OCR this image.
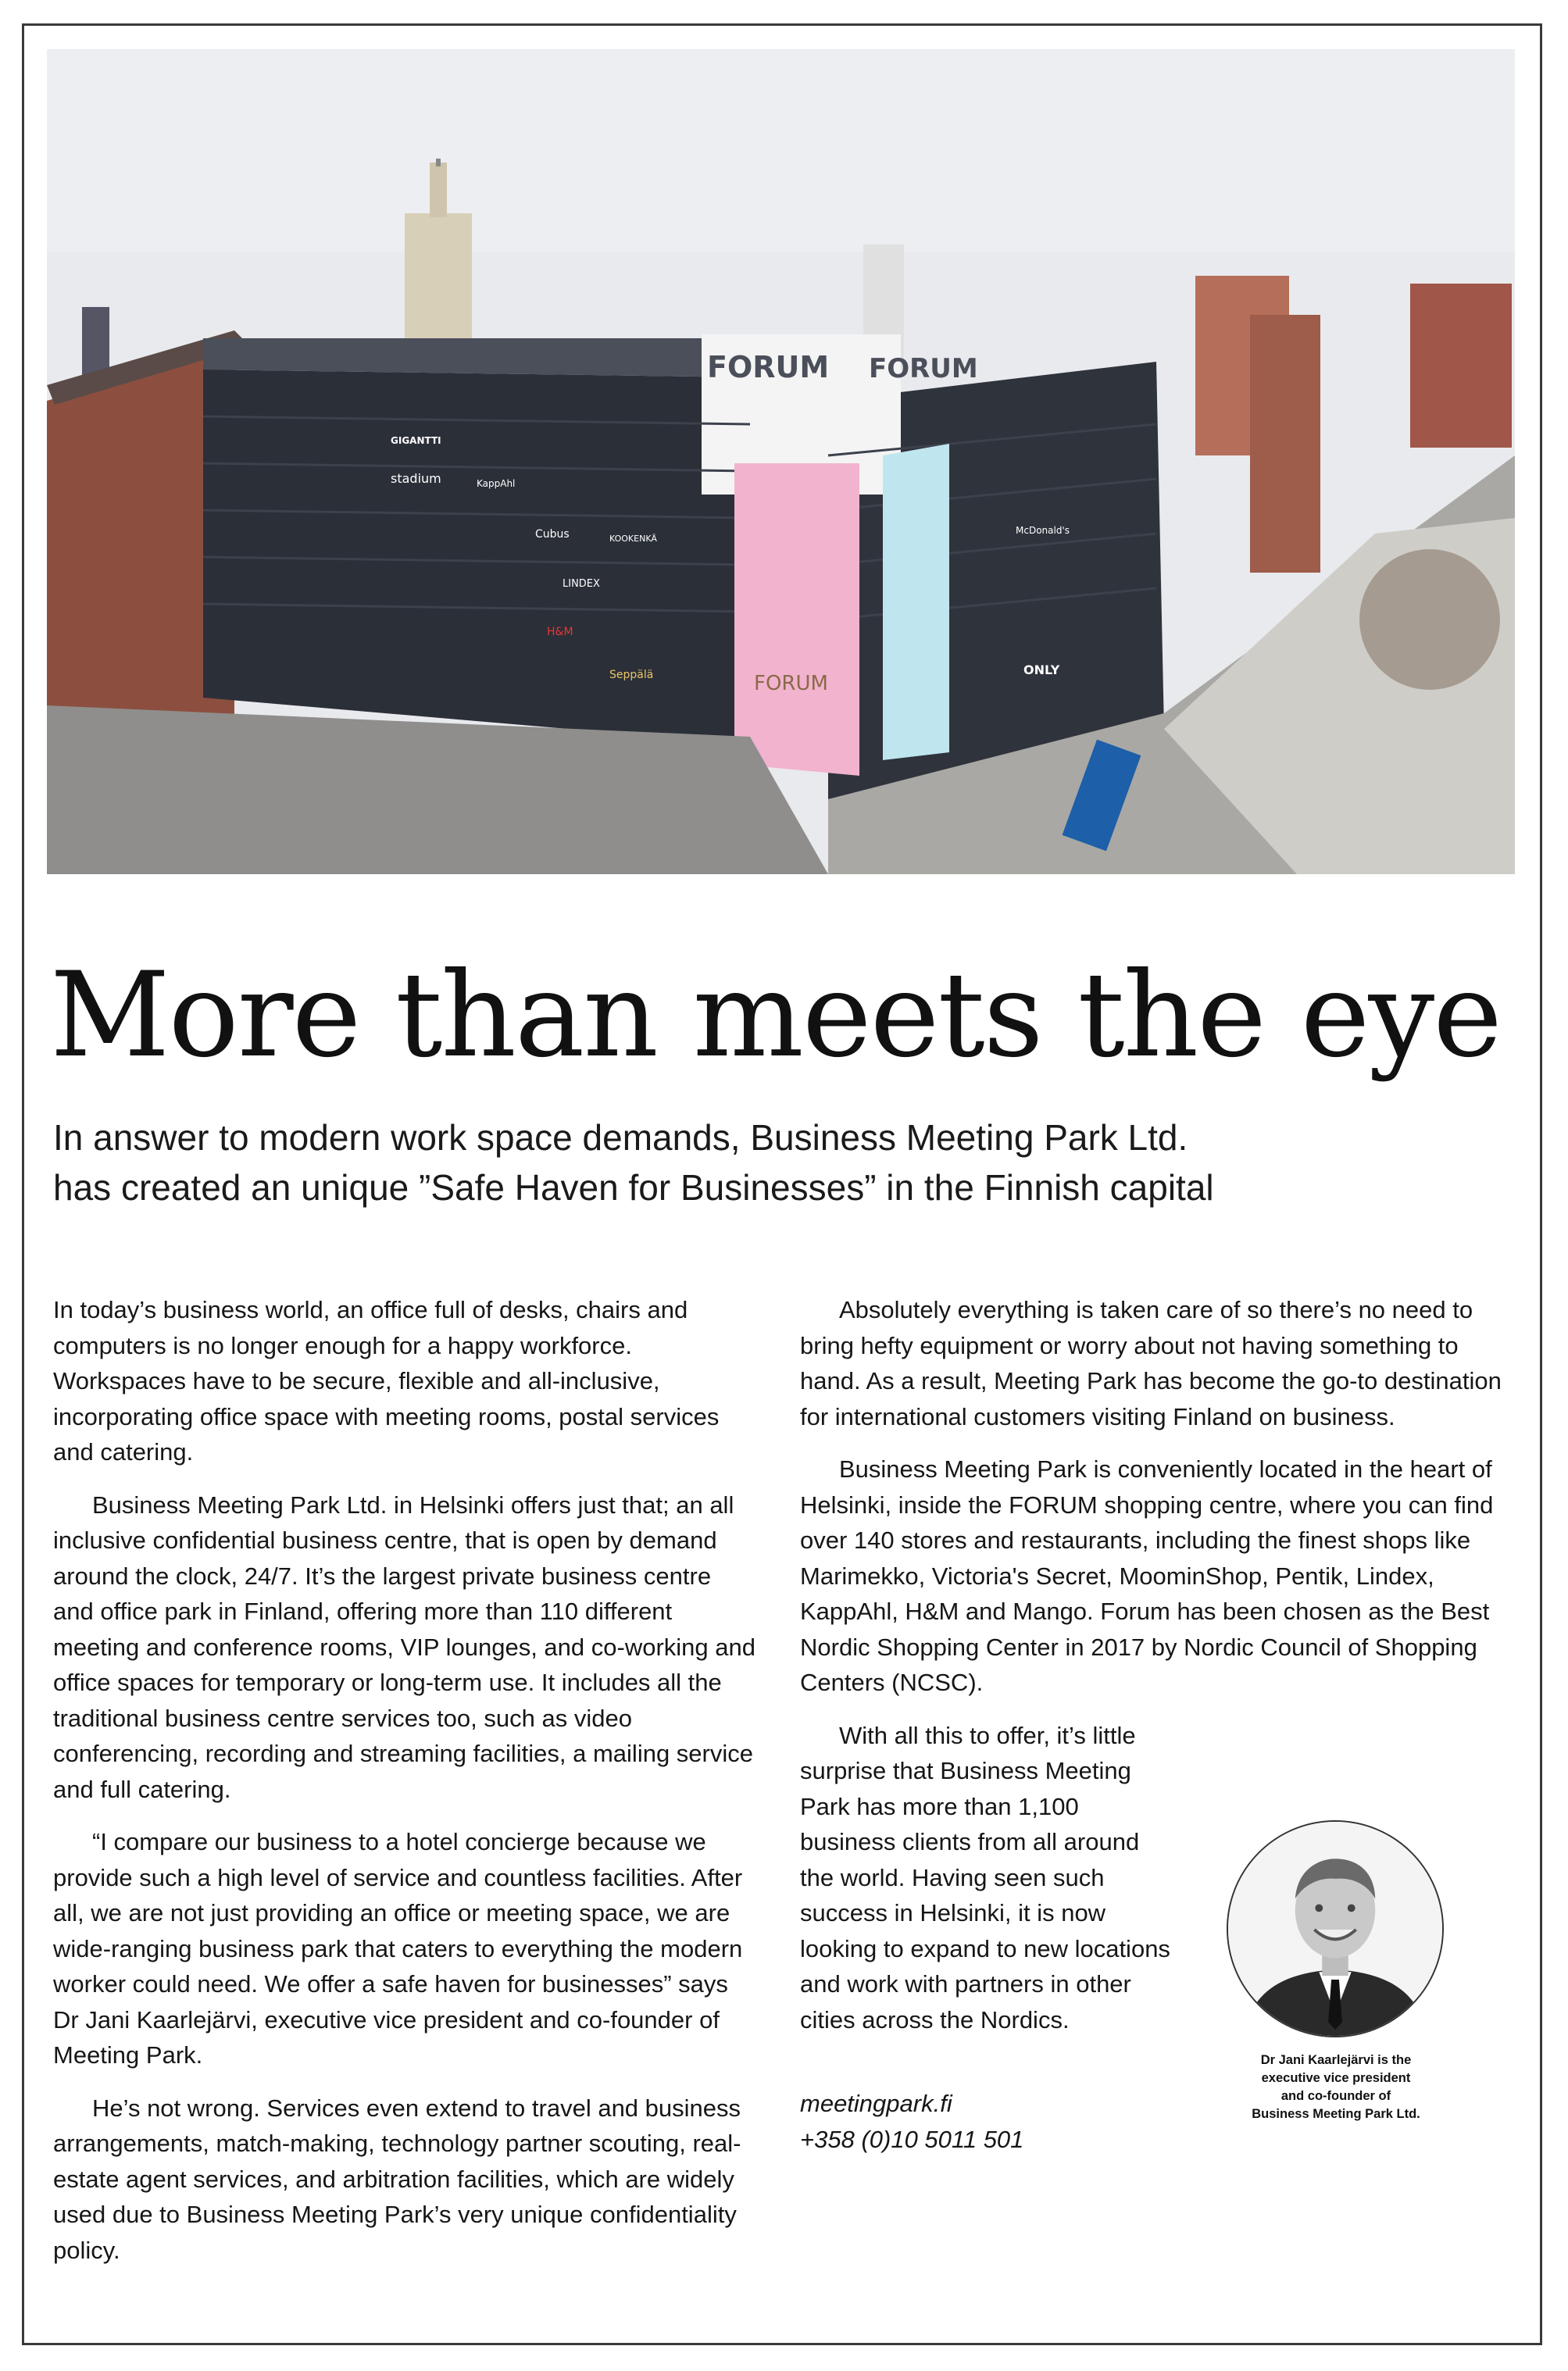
FORUM FORUM
FORUM
GIGANTTI
stadium	KappAhl
Cubus	KOOKENKÄ
LINDEX
H&M
Seppälä
McDonald's
ONLY
More than meets the eye
In answer to modern work space demands, Business Meeting Park Ltd.
has created an unique ”Safe Haven for Businesses” in the Finnish capital

In today’s business world, an office full of desks, chairs and computers is no longer enough for a happy workforce. Workspaces have to be secure, flexible and all-inclusive, incorporating office space with meeting rooms, postal services and catering.

Business Meeting Park Ltd. in Helsinki offers just that; an all inclusive confidential business centre, that is open by demand around the clock, 24/7. It’s the largest private business centre and office park in Finland, offering more than 110 different meeting and conference rooms, VIP lounges, and co-working and office spaces for temporary or long-term use. It includes all the traditional business centre services too, such as video conferencing, recording and streaming facilities, a mailing service and full catering.

“I compare our business to a hotel concierge because we provide such a high level of service and countless facilities. After all, we are not just providing an office or meeting space, we are wide-ranging business park that caters to everything the modern worker could need. We offer a safe haven for businesses” says Dr Jani Kaarlejärvi, executive vice president and co-founder of Meeting Park.

He’s not wrong. Services even extend to travel and business arrangements, match-making, technology partner scouting, real-estate agent services, and arbitration facilities, which are widely used due to Business Meeting Park’s very unique confidentiality policy.

Absolutely everything is taken care of so there’s no need to bring hefty equipment or worry about not having something to hand. As a result, Meeting Park has become the go-to destination for international customers visiting Finland on business.

Business Meeting Park is conveniently located in the heart of Helsinki, inside the FORUM shopping centre, where you can find over 140 stores and restaurants, including the finest shops like Marimekko, Victoria's Secret, MoominShop, Pentik, Lindex, KappAhl, H&M and Mango. Forum has been chosen as the Best Nordic Shopping Center in 2017 by Nordic Council of Shopping Centers (NCSC).

With all this to offer, it’s little surprise that Business Meeting Park has more than 1,100 business clients from all around the world. Having seen such success in Helsinki, it is now looking to expand to new locations and work with partners in other cities across the Nordics.

meetingpark.fi
+358 (0)10 5011 501
Dr Jani Kaarlejärvi is the
executive vice president
and co-founder of
Business Meeting Park Ltd.
